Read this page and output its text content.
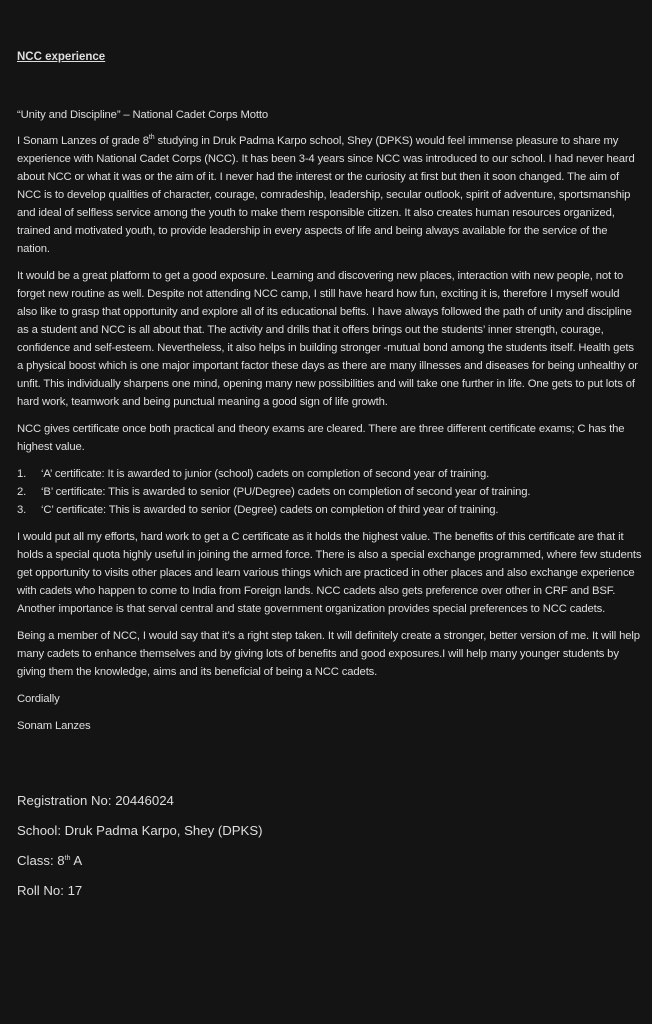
NCC experience

“Unity and Discipline” – National Cadet Corps Motto

I Sonam Lanzes of grade 8th studying in Druk Padma Karpo school, Shey (DPKS) would feel immense pleasure to share my experience with National Cadet Corps (NCC). It has been 3-4 years since NCC was introduced to our school. I had never heard about NCC or what it was or the aim of it. I never had the interest or the curiosity at first but then it soon changed. The aim of NCC is to develop qualities of character, courage, comradeship, leadership, secular outlook, spirit of adventure, sportsmanship and ideal of selfless service among the youth to make them responsible citizen. It also creates human resources organized, trained and motivated youth, to provide leadership in every aspects of life and being always available for the service of the nation.

It would be a great platform to get a good exposure. Learning and discovering new places, interaction with new people, not to forget new routine as well. Despite not attending NCC camp, I still have heard how fun, exciting it is, therefore I myself would also like to grasp that opportunity and explore all of its educational befits. I have always followed the path of unity and discipline as a student and NCC is all about that. The activity and drills that it offers brings out the students’ inner strength, courage, confidence and self-esteem. Nevertheless, it also helps in building stronger -mutual bond among the students itself. Health gets a physical boost which is one major important factor these days as there are many illnesses and diseases for being unhealthy or unfit. This individually sharpens one mind, opening many new possibilities and will take one further in life. One gets to put lots of hard work, teamwork and being punctual meaning a good sign of life growth.

NCC gives certificate once both practical and theory exams are cleared. There are three different certificate exams; C has the highest value.

1.	‘A’ certificate: It is awarded to junior (school) cadets on completion of second year of training.
2.	‘B’ certificate: This is awarded to senior (PU/Degree) cadets on completion of second year of training.
3.	‘C’ certificate: This is awarded to senior (Degree) cadets on completion of third year of training.

I would put all my efforts, hard work to get a C certificate as it holds the highest value. The benefits of this certificate are that it holds a special quota highly useful in joining the armed force. There is also a special exchange programmed, where few students get opportunity to visits other places and learn various things which are practiced in other places and also exchange experience with cadets who happen to come to India from Foreign lands. NCC cadets also gets preference over other in CRF and BSF. Another importance is that serval central and state government organization provides special preferences to NCC cadets.

Being a member of NCC, I would say that it’s a right step taken. It will definitely create a stronger, better version of me. It will help many cadets to enhance themselves and by giving lots of benefits and good exposures.I will help many younger students by giving them the knowledge, aims and its beneficial of being a NCC cadets.

Cordially

Sonam Lanzes

Registration No: 20446024
School: Druk Padma Karpo, Shey (DPKS)
Class: 8th A
Roll No: 17
